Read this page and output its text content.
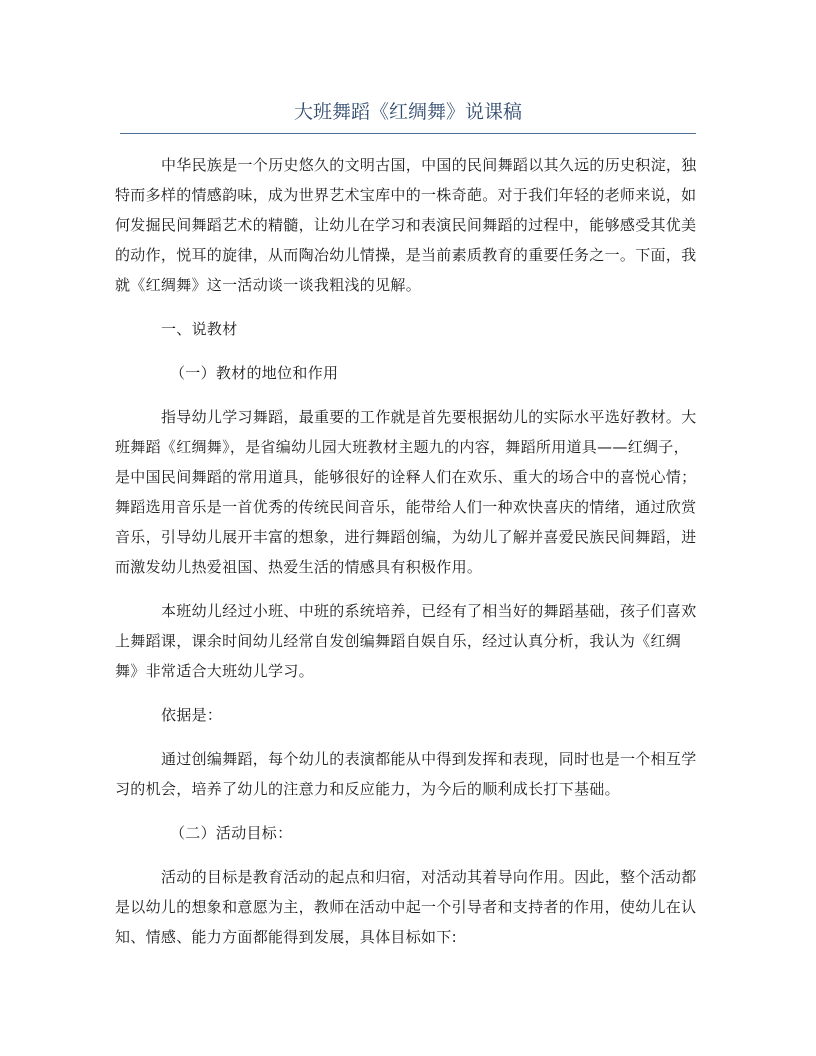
大班舞蹈《红绸舞》说课稿

中华民族是一个历史悠久的文明古国，中国的民间舞蹈以其久远的历史积淀，独特而多样的情感韵味，成为世界艺术宝库中的一株奇葩。对于我们年轻的老师来说，如何发掘民间舞蹈艺术的精髓，让幼儿在学习和表演民间舞蹈的过程中，能够感受其优美的动作，悦耳的旋律，从而陶冶幼儿情操，是当前素质教育的重要任务之一。下面，我就《红绸舞》这一活动谈一谈我粗浅的见解。

一、说教材

（一）教材的地位和作用

指导幼儿学习舞蹈，最重要的工作就是首先要根据幼儿的实际水平选好教材。大班舞蹈《红绸舞》，是省编幼儿园大班教材主题九的内容，舞蹈所用道具——红绸子，是中国民间舞蹈的常用道具，能够很好的诠释人们在欢乐、重大的场合中的喜悦心情；舞蹈选用音乐是一首优秀的传统民间音乐，能带给人们一种欢快喜庆的情绪，通过欣赏音乐，引导幼儿展开丰富的想象，进行舞蹈创编，为幼儿了解并喜爱民族民间舞蹈，进而激发幼儿热爱祖国、热爱生活的情感具有积极作用。

本班幼儿经过小班、中班的系统培养，已经有了相当好的舞蹈基础，孩子们喜欢上舞蹈课，课余时间幼儿经常自发创编舞蹈自娱自乐，经过认真分析，我认为《红绸舞》非常适合大班幼儿学习。

依据是：

通过创编舞蹈，每个幼儿的表演都能从中得到发挥和表现，同时也是一个相互学习的机会，培养了幼儿的注意力和反应能力，为今后的顺利成长打下基础。

（二）活动目标：

活动的目标是教育活动的起点和归宿，对活动其着导向作用。因此，整个活动都是以幼儿的想象和意愿为主，教师在活动中起一个引导者和支持者的作用，使幼儿在认知、情感、能力方面都能得到发展，具体目标如下:
